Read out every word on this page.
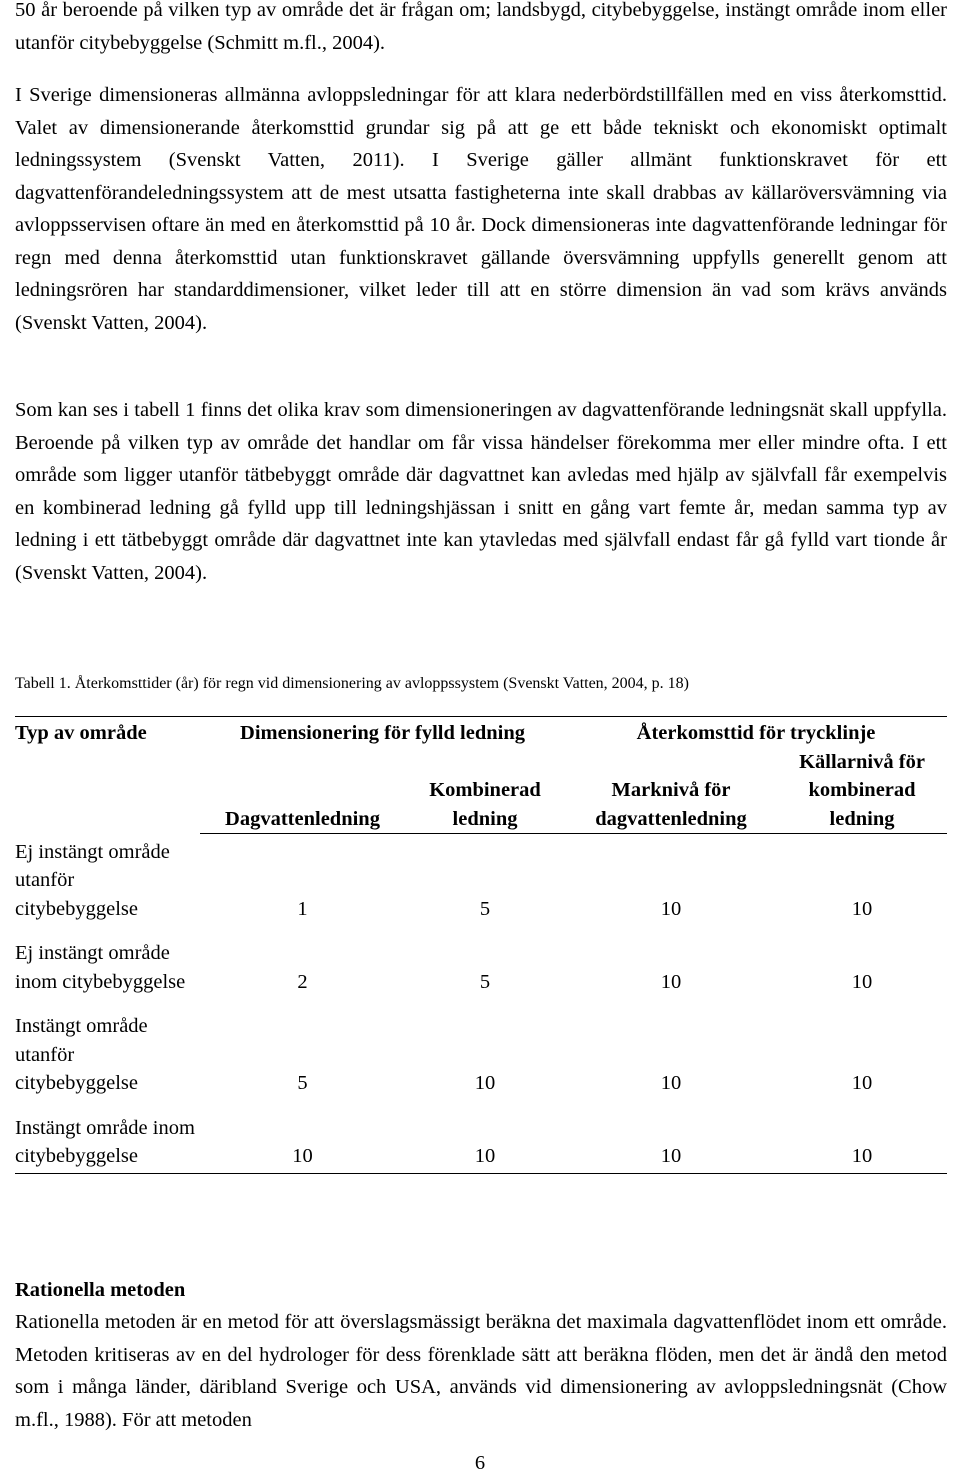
50 år beroende på vilken typ av område det är frågan om; landsbygd, citybebyggelse, instängt område inom eller utanför citybebyggelse (Schmitt m.fl., 2004).

I Sverige dimensioneras allmänna avloppsledningar för att klara nederbördstillfällen med en viss återkomsttid. Valet av dimensionerande återkomsttid grundar sig på att ge ett både tekniskt och ekonomiskt optimalt ledningssystem (Svenskt Vatten, 2011). I Sverige gäller allmänt funktionskravet för ett dagvattenförandeledningssystem att de mest utsatta fastigheterna inte skall drabbas av källaröversvämning via avloppsservisen oftare än med en återkomsttid på 10 år. Dock dimensioneras inte dagvattenförande ledningar för regn med denna återkomsttid utan funktionskravet gällande översvämning uppfylls generellt genom att ledningsrören har standarddimensioner, vilket leder till att en större dimension än vad som krävs används (Svenskt Vatten, 2004).

Som kan ses i tabell 1 finns det olika krav som dimensioneringen av dagvattenförande ledningsnät skall uppfylla. Beroende på vilken typ av område det handlar om får vissa händelser förekomma mer eller mindre ofta. I ett område som ligger utanför tätbebyggt område där dagvattnet kan avledas med hjälp av självfall får exempelvis en kombinerad ledning gå fylld upp till ledningshjässan i snitt en gång vart femte år, medan samma typ av ledning i ett tätbebyggt område där dagvattnet inte kan ytavledas med självfall endast får gå fylld vart tionde år (Svenskt Vatten, 2004).

Tabell 1. Återkomsttider (år) för regn vid dimensionering av avloppssystem (Svenskt Vatten, 2004, p. 18)
Typ av område	Dimensionering för fylld ledning		Återkomsttid för trycklinje	
	Dagvattenledning	Kombinerad ledning	Marknivå för dagvattenledning	Källarnivå för kombinerad ledning
Ej instängt område utanför citybebyggelse	1	5	10	10
Ej instängt område inom citybebyggelse	2	5	10	10
Instängt område utanför citybebyggelse	5	10	10	10
Instängt område inom citybebyggelse	10	10	10	10
Rationella metoden

Rationella metoden är en metod för att överslagsmässigt beräkna det maximala dagvattenflödet inom ett område. Metoden kritiseras av en del hydrologer för dess förenklade sätt att beräkna flöden, men det är ändå den metod som i många länder, däribland Sverige och USA, används vid dimensionering av avloppsledningsnät (Chow m.fl., 1988). För att metoden

6
